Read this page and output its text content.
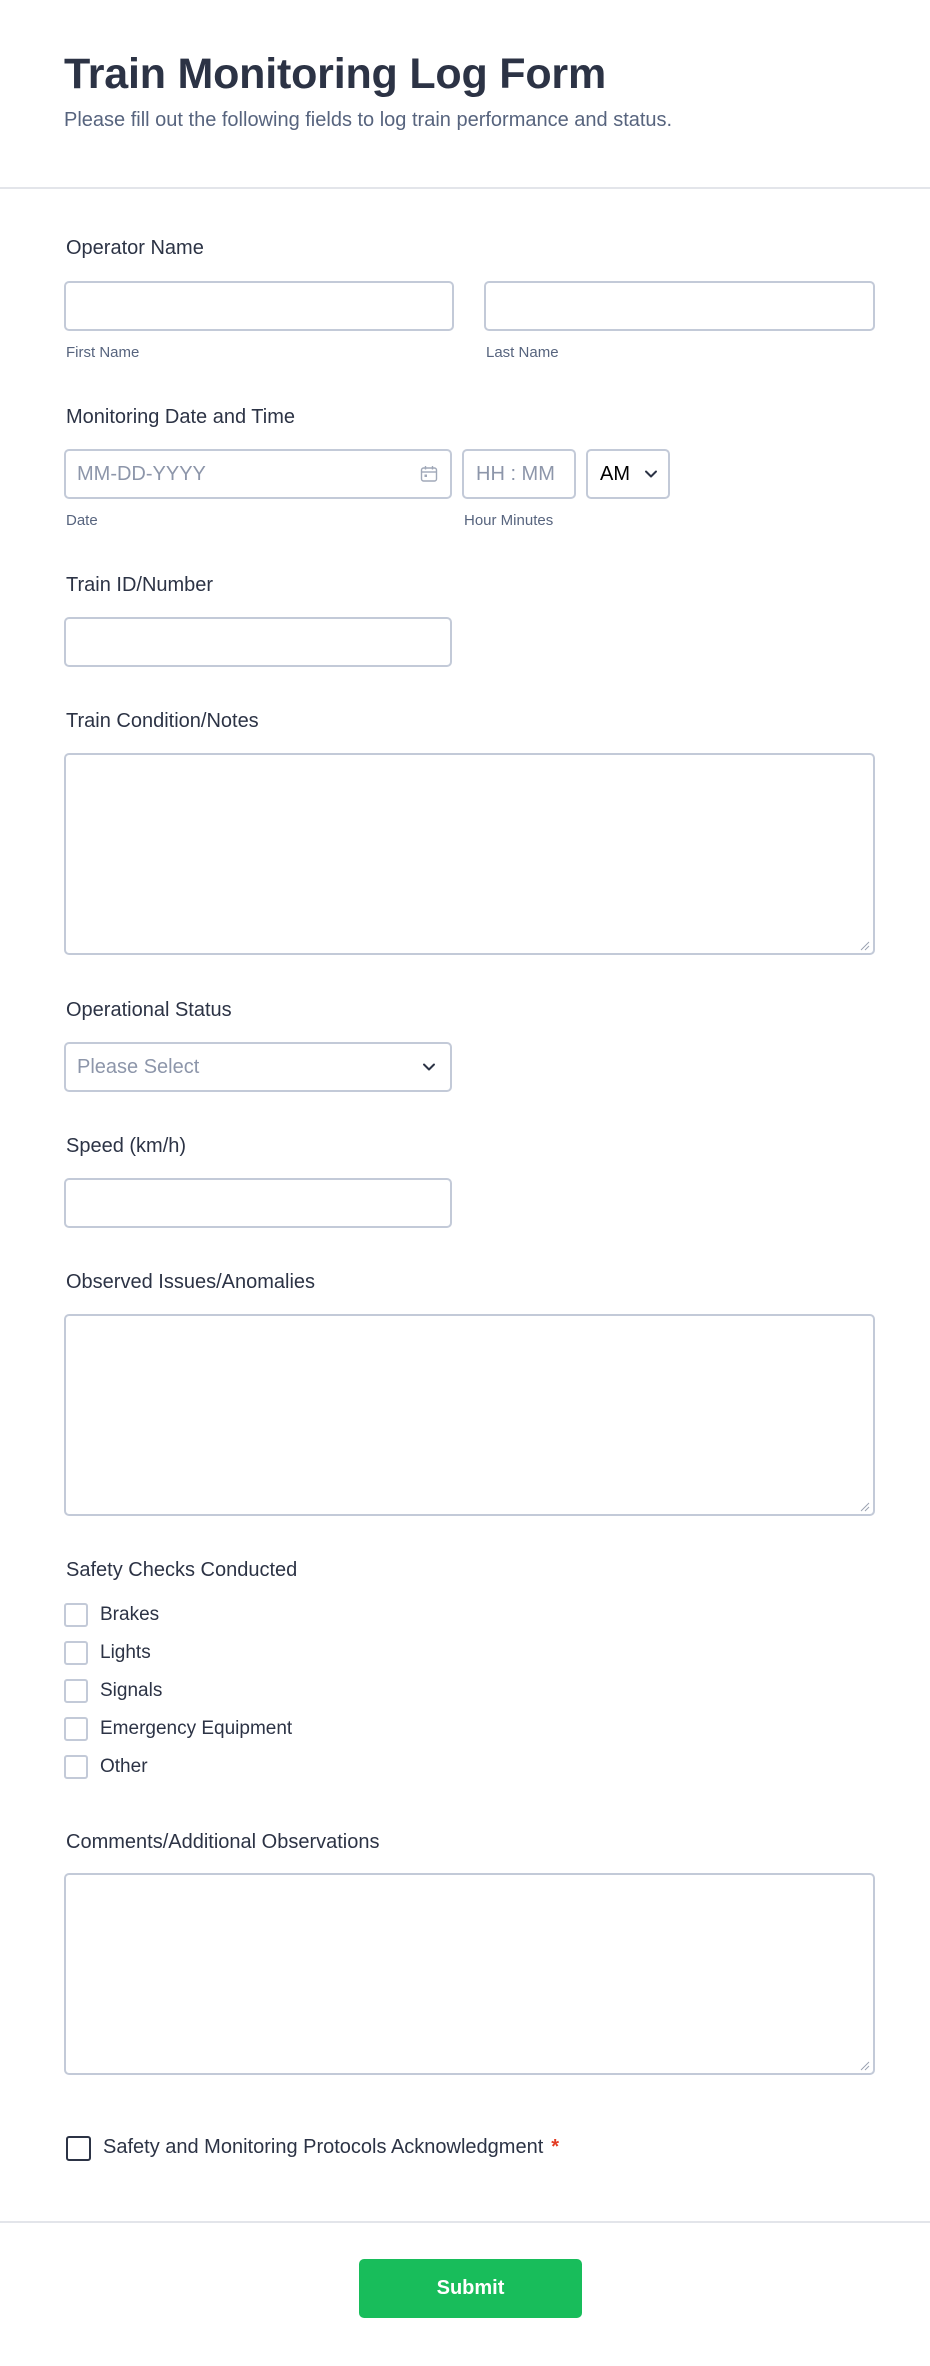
Train Monitoring Log Form

Please fill out the following fields to log train performance and status.

Operator Name
First Name	Last Name
Monitoring Date and Time
MM-DD-YYYY	HH : MM AM
Date	Hour Minutes
Train ID/Number
Train Condition/Notes
Operational Status
Please Select
Speed (km/h)
Observed Issues/Anomalies
Safety Checks Conducted
Brakes
Lights
Signals
Emergency Equipment
Other
Comments/Additional Observations
Safety and Monitoring Protocols Acknowledgment *
Submit
